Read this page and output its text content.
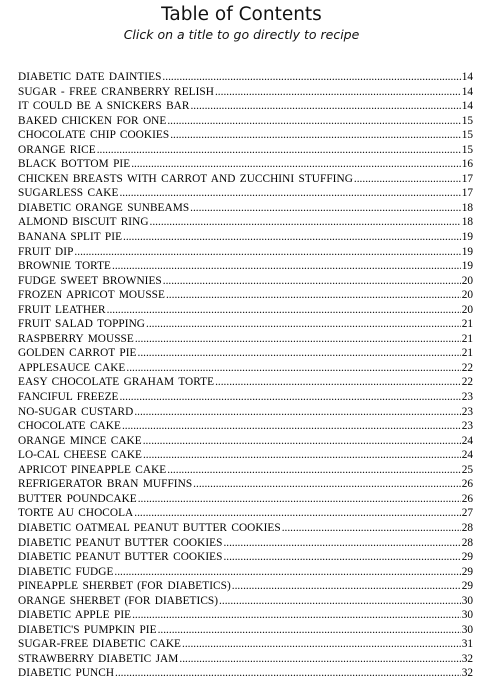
Table of Contents
Click on a title to go directly to recipe
DIABETIC DATE DAINTIES .....	14
SUGAR - FREE CRANBERRY RELISH .....	14
IT COULD BE A SNICKERS BAR .....	14
BAKED CHICKEN FOR ONE .....	15
CHOCOLATE CHIP COOKIES .....	15
ORANGE RICE .....	15
BLACK BOTTOM PIE .....	16
CHICKEN BREASTS WITH CARROT AND ZUCCHINI STUFFING .....	17
SUGARLESS CAKE .....	17
DIABETIC ORANGE SUNBEAMS .....	18
ALMOND BISCUIT RING .....	18
BANANA SPLIT PIE .....	19
FRUIT DIP .....	19
BROWNIE TORTE .....	19
FUDGE SWEET BROWNIES .....	20
FROZEN APRICOT MOUSSE .....	20
FRUIT LEATHER .....	20
FRUIT SALAD TOPPING .....	21
RASPBERRY MOUSSE .....	21
GOLDEN CARROT PIE .....	21
APPLESAUCE CAKE .....	22
EASY CHOCOLATE GRAHAM TORTE .....	22
FANCIFUL FREEZE .....	23
NO-SUGAR CUSTARD .....	23
CHOCOLATE CAKE .....	23
ORANGE MINCE CAKE .....	24
LO-CAL CHEESE CAKE .....	24
APRICOT PINEAPPLE CAKE .....	25
REFRIGERATOR BRAN MUFFINS .....	26
BUTTER POUNDCAKE .....	26
TORTE AU CHOCOLA .....	27
DIABETIC OATMEAL PEANUT BUTTER COOKIES .....	28
DIABETIC PEANUT BUTTER COOKIES .....	28
DIABETIC PEANUT BUTTER COOKIES .....	29
DIABETIC FUDGE .....	29
PINEAPPLE SHERBET (FOR DIABETICS) .....	29
ORANGE SHERBET (FOR DIABETICS) .....	30
DIABETIC APPLE PIE .....	30
DIABETIC'S PUMPKIN PIE .....	30
SUGAR-FREE DIABETIC CAKE .....	31
STRAWBERRY DIABETIC JAM .....	32
DIABETIC PUNCH .....	32
